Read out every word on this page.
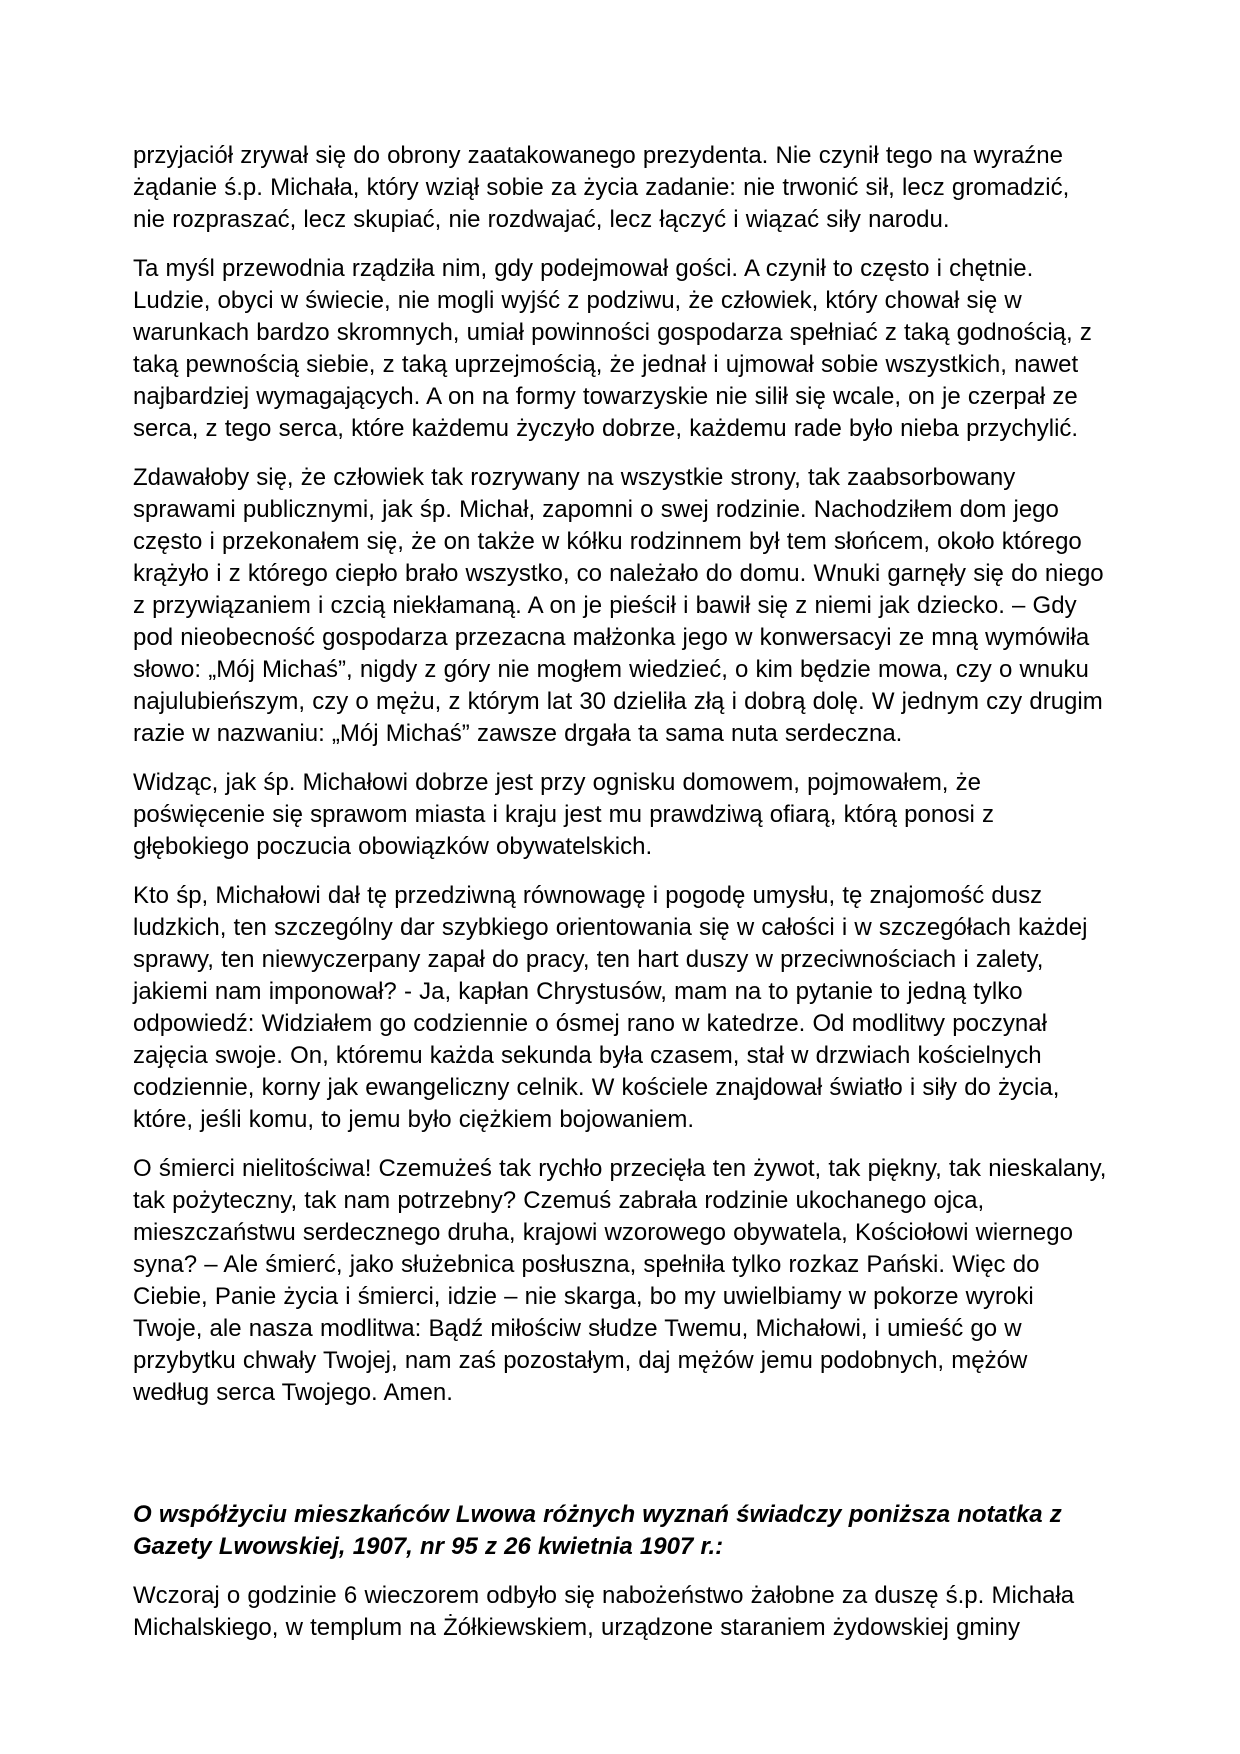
przyjaciół zrywał się do obrony zaatakowanego prezydenta. Nie czynił tego na wyraźne żądanie ś.p. Michała, który wziął sobie za życia zadanie: nie trwonić sił, lecz gromadzić, nie rozpraszać, lecz skupiać, nie rozdwajać, lecz łączyć i wiązać siły narodu.

Ta myśl przewodnia rządziła nim, gdy podejmował gości. A czynił to często i chętnie. Ludzie, obyci w świecie, nie mogli wyjść z podziwu, że człowiek, który chował się w warunkach bardzo skromnych, umiał powinności gospodarza spełniać z taką godnością, z taką pewnością siebie, z taką uprzejmością, że jednał i ujmował sobie wszystkich, nawet najbardziej wymagających. A on na formy towarzyskie nie silił się wcale, on je czerpał ze serca, z tego serca, które każdemu życzyło dobrze, każdemu rade było nieba przychylić.

Zdawałoby się, że człowiek tak rozrywany na wszystkie strony, tak zaabsorbowany sprawami publicznymi, jak śp. Michał, zapomni o swej rodzinie. Nachodziłem dom jego często i przekonałem się, że on także w kółku rodzinnem był tem słońcem, około którego krążyło i z którego ciepło brało wszystko, co należało do domu. Wnuki garnęły się do niego z przywiązaniem i czcią niekłamaną. A on je pieścił i bawił się z niemi jak dziecko. – Gdy pod nieobecność gospodarza przezacna małżonka jego w konwersacyi ze mną wymówiła słowo: „Mój Michaś”, nigdy z góry nie mogłem wiedzieć, o kim będzie mowa, czy o wnuku najulubieńszym, czy o mężu, z którym lat 30 dzieliła złą i dobrą dolę. W jednym czy drugim razie w nazwaniu: „Mój Michaś” zawsze drgała ta sama nuta serdeczna.

Widząc, jak śp. Michałowi dobrze jest przy ognisku domowem, pojmowałem, że poświęcenie się sprawom miasta i kraju jest mu prawdziwą ofiarą, którą ponosi z głębokiego poczucia obowiązków obywatelskich.

Kto śp, Michałowi dał tę przedziwną równowagę i pogodę umysłu, tę znajomość dusz ludzkich, ten szczególny dar szybkiego orientowania się w całości i w szczegółach każdej sprawy, ten niewyczerpany zapał do pracy, ten hart duszy w przeciwnościach i zalety, jakiemi nam imponował? - Ja, kapłan Chrystusów, mam na to pytanie to jedną tylko odpowiedź: Widziałem go codziennie o ósmej rano w katedrze. Od modlitwy poczynał zajęcia swoje. On, któremu każda sekunda była czasem, stał w drzwiach kościelnych codziennie, korny jak ewangeliczny celnik. W kościele znajdował światło i siły do życia, które, jeśli komu, to jemu było ciężkiem bojowaniem.

O śmierci nielitościwa! Czemużeś tak rychło przecięła ten żywot, tak piękny, tak nieskalany, tak pożyteczny, tak nam potrzebny? Czemuś zabrała rodzinie ukochanego ojca, mieszczaństwu serdecznego druha, krajowi wzorowego obywatela, Kościołowi wiernego syna? – Ale śmierć, jako służebnica posłuszna, spełniła tylko rozkaz Pański. Więc do Ciebie, Panie życia i śmierci, idzie – nie skarga, bo my uwielbiamy w pokorze wyroki Twoje, ale nasza modlitwa: Bądź miłościw słudze Twemu, Michałowi, i umieść go w przybytku chwały Twojej, nam zaś pozostałym, daj mężów jemu podobnych, mężów według serca Twojego. Amen.

O współżyciu mieszkańców Lwowa różnych wyznań świadczy poniższa notatka z Gazety Lwowskiej, 1907, nr 95 z 26 kwietnia 1907 r.:

Wczoraj o godzinie 6 wieczorem odbyło się nabożeństwo żałobne za duszę ś.p. Michała Michalskiego, w templum na Żółkiewskiem, urządzone staraniem żydowskiej gminy
